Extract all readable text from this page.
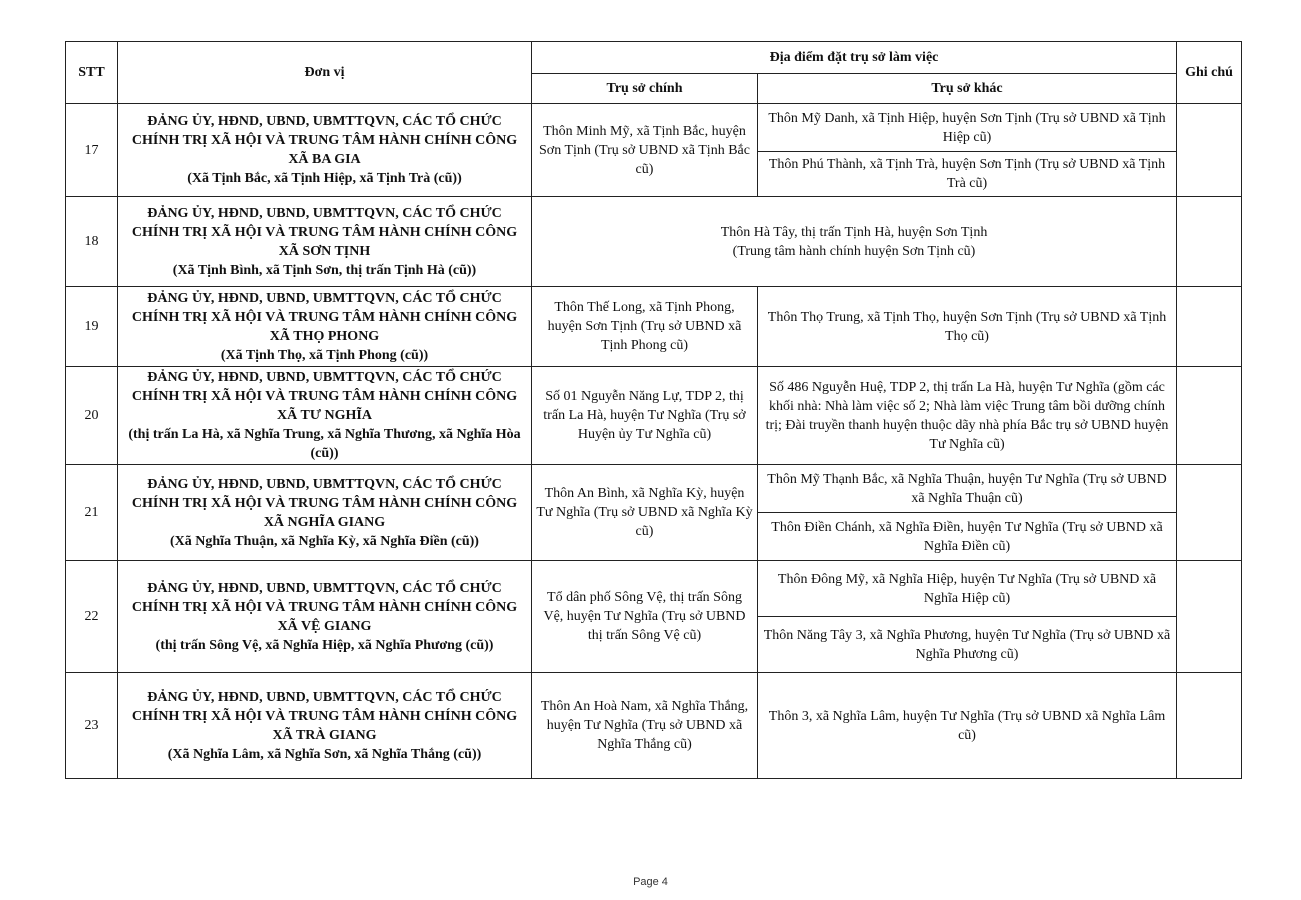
STT	Đơn vị	Địa điểm đặt trụ sở làm việc		Ghi chú
		Trụ sở chính	Trụ sở khác	
17	ĐẢNG ỦY, HĐND, UBND, UBMTTQVN, CÁC TỔ CHỨC CHÍNH TRỊ XÃ HỘI VÀ TRUNG TÂM HÀNH CHÍNH CÔNG XÃ BA GIA
(Xã Tịnh Bắc, xã Tịnh Hiệp, xã Tịnh Trà (cũ))	Thôn Minh Mỹ, xã Tịnh Bắc, huyện Sơn Tịnh (Trụ sở UBND xã Tịnh Bắc cũ)	Thôn Mỹ Danh, xã Tịnh Hiệp, huyện Sơn Tịnh (Trụ sở UBND xã Tịnh Hiệp cũ)	
			Thôn Phú Thành, xã Tịnh Trà, huyện Sơn Tịnh (Trụ sở UBND xã Tịnh Trà cũ)	
18	ĐẢNG ỦY, HĐND, UBND, UBMTTQVN, CÁC TỔ CHỨC CHÍNH TRỊ XÃ HỘI VÀ TRUNG TÂM HÀNH CHÍNH CÔNG XÃ SƠN TỊNH
(Xã Tịnh Bình, xã Tịnh Sơn, thị trấn Tịnh Hà (cũ))	Thôn Hà Tây, thị trấn Tịnh Hà, huyện Sơn Tịnh
(Trung tâm hành chính huyện Sơn Tịnh cũ)		

19	ĐẢNG ỦY, HĐND, UBND, UBMTTQVN, CÁC TỔ CHỨC CHÍNH TRỊ XÃ HỘI VÀ TRUNG TÂM HÀNH CHÍNH CÔNG XÃ THỌ PHONG
(Xã Tịnh Thọ, xã Tịnh Phong (cũ))	Thôn Thế Long, xã Tịnh Phong, huyện Sơn Tịnh (Trụ sở UBND xã Tịnh Phong cũ)	Thôn Thọ Trung, xã Tịnh Thọ, huyện Sơn Tịnh (Trụ sở UBND xã Tịnh Thọ cũ)	
20	ĐẢNG ỦY, HĐND, UBND, UBMTTQVN, CÁC TỔ CHỨC CHÍNH TRỊ XÃ HỘI VÀ TRUNG TÂM HÀNH CHÍNH CÔNG XÃ TƯ NGHĨA
(thị trấn La Hà, xã Nghĩa Trung, xã Nghĩa Thương, xã Nghĩa Hòa (cũ))	Số 01 Nguyễn Năng Lự, TDP 2, thị trấn La Hà, huyện Tư Nghĩa (Trụ sở Huyện ủy Tư Nghĩa cũ)	Số 486 Nguyễn Huệ, TDP 2, thị trấn La Hà, huyện Tư Nghĩa (gồm các khối nhà: Nhà làm việc số 2; Nhà làm việc Trung tâm bồi dưỡng chính trị; Đài truyền thanh huyện thuộc dãy nhà phía Bắc trụ sở UBND huyện Tư Nghĩa cũ)	
21	ĐẢNG ỦY, HĐND, UBND, UBMTTQVN, CÁC TỔ CHỨC CHÍNH TRỊ XÃ HỘI VÀ TRUNG TÂM HÀNH CHÍNH CÔNG XÃ NGHĨA GIANG
(Xã Nghĩa Thuận, xã Nghĩa Kỳ, xã Nghĩa Điền (cũ))	Thôn An Bình, xã Nghĩa Kỳ, huyện Tư Nghĩa (Trụ sở UBND xã Nghĩa Kỳ cũ)	Thôn Mỹ Thạnh Bắc, xã Nghĩa Thuận, huyện Tư Nghĩa (Trụ sở UBND xã Nghĩa Thuận cũ)	
			Thôn Điền Chánh, xã Nghĩa Điền, huyện Tư Nghĩa (Trụ sở UBND xã Nghĩa Điền cũ)	
22	ĐẢNG ỦY, HĐND, UBND, UBMTTQVN, CÁC TỔ CHỨC CHÍNH TRỊ XÃ HỘI VÀ TRUNG TÂM HÀNH CHÍNH CÔNG XÃ VỆ GIANG
(thị trấn Sông Vệ, xã Nghĩa Hiệp, xã Nghĩa Phương (cũ))	Tổ dân phố Sông Vệ, thị trấn Sông Vệ, huyện Tư Nghĩa (Trụ sở UBND thị trấn Sông Vệ cũ)	Thôn Đông Mỹ, xã Nghĩa Hiệp, huyện Tư Nghĩa (Trụ sở UBND xã Nghĩa Hiệp cũ)	
			Thôn Năng Tây 3, xã Nghĩa Phương, huyện Tư Nghĩa (Trụ sở UBND xã Nghĩa Phương cũ)	
23	ĐẢNG ỦY, HĐND, UBND, UBMTTQVN, CÁC TỔ CHỨC CHÍNH TRỊ XÃ HỘI VÀ TRUNG TÂM HÀNH CHÍNH CÔNG XÃ TRÀ GIANG
(Xã Nghĩa Lâm, xã Nghĩa Sơn, xã Nghĩa Thắng (cũ))	Thôn An Hoà Nam, xã Nghĩa Thắng, huyện Tư Nghĩa (Trụ sở UBND xã Nghĩa Thắng cũ)	Thôn 3, xã Nghĩa Lâm, huyện Tư Nghĩa (Trụ sở UBND xã Nghĩa Lâm cũ)	
Page 4
